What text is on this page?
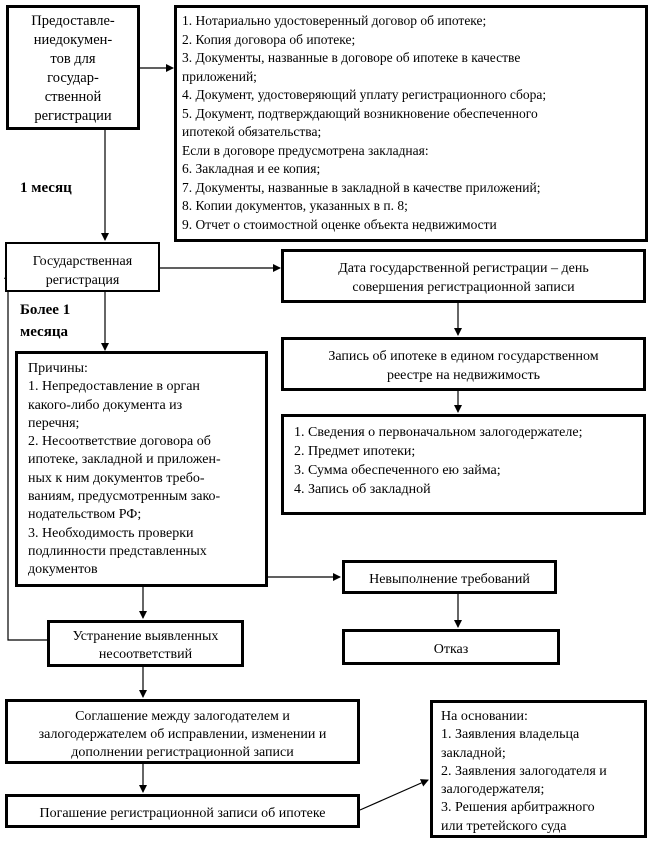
Предоставле-
ниедокумен-
тов для
государ-
ственной
регистрации
1. Нотариально удостоверенный договор об ипотеке;
2. Копия договора об ипотеке;
3. Документы, названные в договоре об ипотеке в качестве
приложений;
4. Документ, удостоверяющий уплату регистрационного сбора;
5. Документ, подтверждающий возникновение обеспеченного
ипотекой обязательства;
Если в договоре предусмотрена закладная:
6. Закладная и ее копия;
7. Документы, названные в закладной в качестве приложений;
8. Копии документов, указанных в п. 8;
9. Отчет о стоимостной оценке объекта недвижимости
1 месяц
Государственная
регистрация
Дата государственной регистрации – день
совершения регистрационной записи
Более 1
месяца
Запись об ипотеке в едином государственном
реестре на недвижимость
1. Сведения о первоначальном залогодержателе;
2. Предмет ипотеки;
3. Сумма обеспеченного ею займа;
4. Запись об закладной
Причины:
1. Непредоставление в орган
какого-либо документа из
перечня;
2. Несоответствие договора об
ипотеке, закладной и приложен-
ных к ним документов требо-
ваниям, предусмотренным зако-
нодательством РФ;
3. Необходимость проверки
подлинности представленных
документов
Невыполнение требований
Устранение выявленных
несоответствий	Отказ
Соглашение между залогодателем и
залогодержателем об исправлении, изменении и
дополнении регистрационной записи
На основании:
1. Заявления владельца
закладной;
2. Заявления залогодателя и
залогодержателя;
3. Решения арбитражного
или третейского суда
Погашение регистрационной записи об ипотеке
